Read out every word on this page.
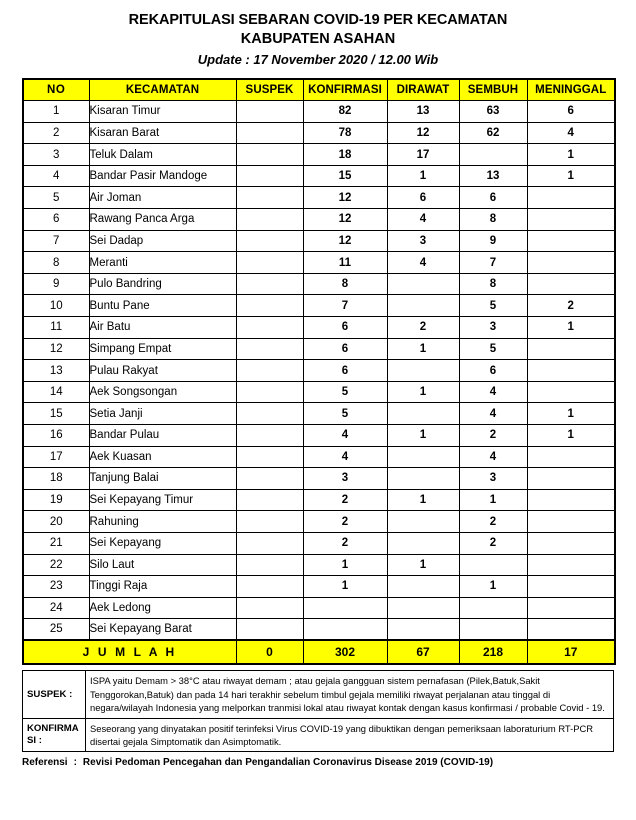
REKAPITULASI SEBARAN COVID-19 PER KECAMATAN
KABUPATEN ASAHAN
Update : 17 November 2020 / 12.00 Wib
NO	KECAMATAN	SUSPEK	KONFIRMASI	DIRAWAT	SEMBUH	MENINGGAL
1	Kisaran Timur		82	13	63	6
2	Kisaran Barat		78	12	62	4
3	Teluk Dalam		18	17		1
4	Bandar Pasir Mandoge		15	1	13	1
5	Air Joman		12	6	6	
6	Rawang Panca Arga		12	4	8	
7	Sei Dadap		12	3	9	
8	Meranti		11	4	7	
9	Pulo Bandring		8		8	
10	Buntu Pane		7		5	2
11	Air Batu		6	2	3	1
12	Simpang Empat		6	1	5	
13	Pulau Rakyat		6		6	
14	Aek Songsongan		5	1	4	
15	Setia Janji		5		4	1
16	Bandar Pulau		4	1	2	1
17	Aek Kuasan		4		4	
18	Tanjung Balai		3		3	
19	Sei Kepayang Timur		2	1	1	
20	Rahuning		2		2	
21	Sei Kepayang		2		2	
22	Silo Laut		1	1		
23	Tinggi Raja		1		1	
24	Aek Ledong					
25	Sei Kepayang Barat					
J U M L A H		0	302	67	218	17
SUSPEK :	ISPA yaitu Demam > 38°C atau riwayat demam ; atau gejala gangguan sistem pernafasan (Pilek,Batuk,Sakit Tenggorokan,Batuk) dan pada 14 hari terakhir sebelum timbul gejala memiliki riwayat perjalanan atau tinggal di negara/wilayah Indonesia yang melporkan tranmisi lokal atau riwayat kontak dengan kasus konfirmasi / probable Covid - 19.
KONFIRMA SI :	Seseorang yang dinyatakan positif terinfeksi Virus COVID-19 yang dibuktikan dengan pemeriksaan laboraturium RT-PCR disertai gejala Simptomatik dan Asimptomatik.
Referensi : Revisi Pedoman Pencegahan dan Pengandalian Coronavirus Disease 2019 (COVID-19)
